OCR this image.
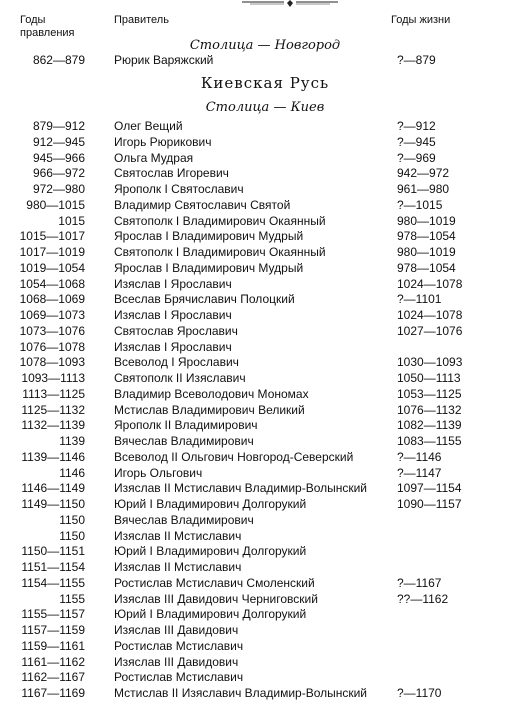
Годы правления
Правитель	Годы жизни
Столица — Новгород
862—879 Рюрик Варяжский	?—879
Киевская Русь
Столица — Киев
879—912 Олег Вещий	?—912
912—945 Игорь Рюрикович	?—945
945—966 Ольга Мудрая	?—969
966—972 Святослав Игоревич	942—972
972—980 Ярополк I Святославич	961—980
980—1015 Владимир Святославич Святой	?—1015
1015 Святополк I Владимирович Окаянный	980—1019
1015—1017 Ярослав I Владимирович Мудрый	978—1054
1017—1019 Святополк I Владимирович Окаянный	980—1019
1019—1054 Ярослав I Владимирович Мудрый	978—1054
1054—1068 Изяслав I Ярославич	1024—1078
1068—1069 Всеслав Брячиславич Полоцкий	?—1101
1069—1073 Изяслав I Ярославич	1024—1078
1073—1076 Святослав Ярославич	1027—1076
1076—1078 Изяслав I Ярославич
1078—1093 Всеволод I Ярославич	1030—1093
1093—1113 Святополк II Изяславич	1050—1113
1113—1125 Владимир Всеволодович Мономах	1053—1125
1125—1132 Мстислав Владимирович Великий	1076—1132
1132—1139 Ярополк II Владимирович	1082—1139
1139 Вячеслав Владимирович	1083—1155
1139—1146 Всеволод II Ольгович Новгород-Северский	?—1146
1146 Игорь Ольгович	?—1147
1146—1149 Изяслав II Мстиславич Владимир-Волынский 1097—1154
1149—1150 Юрий I Владимирович Долгорукий	1090—1157
1150 Вячеслав Владимирович
1150 Изяслав II Мстиславич
1150—1151 Юрий I Владимирович Долгорукий
1151—1154 Изяслав II Мстиславич
1154—1155 Ростислав Мстиславич Смоленский	?—1167
1155 Изяслав III Давидович Черниговский	??—1162
1155—1157 Юрий I Владимирович Долгорукий
1157—1159 Изяслав III Давидович
1159—1161 Ростислав Мстиславич
1161—1162 Изяслав III Давидович
1162—1167 Ростислав Мстиславич
1167—1169 Мстислав II Изяславич Владимир-Волынский ?—1170
